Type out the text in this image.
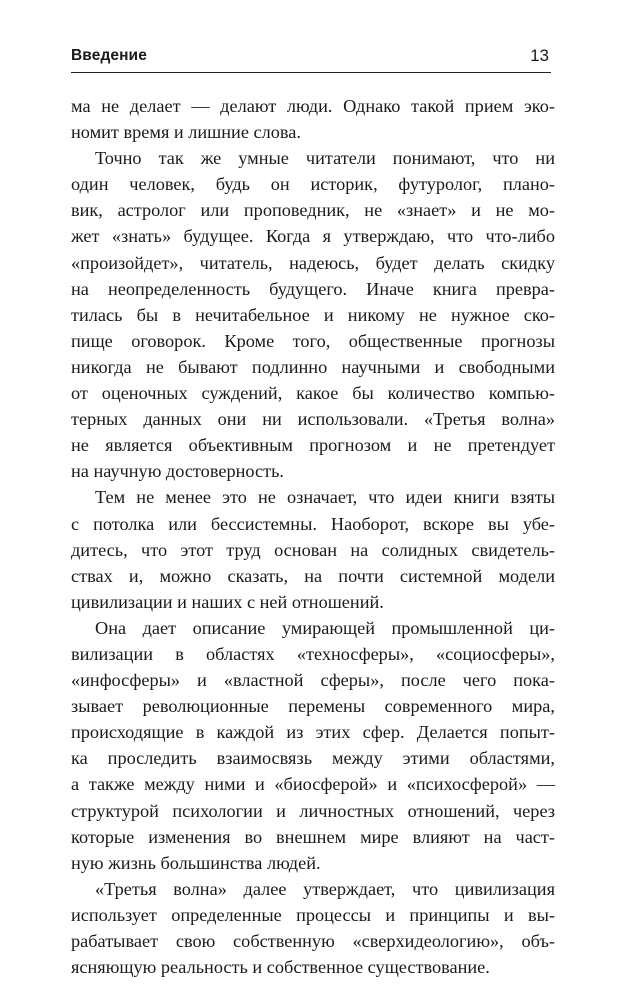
Введение	13
ма не делает — делают люди. Однако такой прием эко-
номит время и лишние слова.
Точно так же умные читатели понимают, что ни
один человек, будь он историк, футуролог, плано-
вик, астролог или проповедник, не «знает» и не мо-
жет «знать» будущее. Когда я утверждаю, что что-либо
«произойдет», читатель, надеюсь, будет делать скидку
на неопределенность будущего. Иначе книга превра-
тилась бы в нечитабельное и никому не нужное ско-
пище оговорок. Кроме того, общественные прогнозы
никогда не бывают подлинно научными и свободными
от оценочных суждений, какое бы количество компью-
терных данных они ни использовали. «Третья волна»
не является объективным прогнозом и не претендует
на научную достоверность.
Тем не менее это не означает, что идеи книги взяты
с потолка или бессистемны. Наоборот, вскоре вы убе-
дитесь, что этот труд основан на солидных свидетель-
ствах и, можно сказать, на почти системной модели
цивилизации и наших с ней отношений.
Она дает описание умирающей промышленной ци-
вилизации в областях «техносферы», «социосферы»,
«инфосферы» и «властной сферы», после чего пока-
зывает революционные перемены современного мира,
происходящие в каждой из этих сфер. Делается попыт-
ка проследить взаимосвязь между этими областями,
а также между ними и «биосферой» и «психосферой» —
структурой психологии и личностных отношений, через
которые изменения во внешнем мире влияют на част-
ную жизнь большинства людей.
«Третья волна» далее утверждает, что цивилизация
использует определенные процессы и принципы и вы-
рабатывает свою собственную «сверхидеологию», объ-
ясняющую реальность и собственное существование.
